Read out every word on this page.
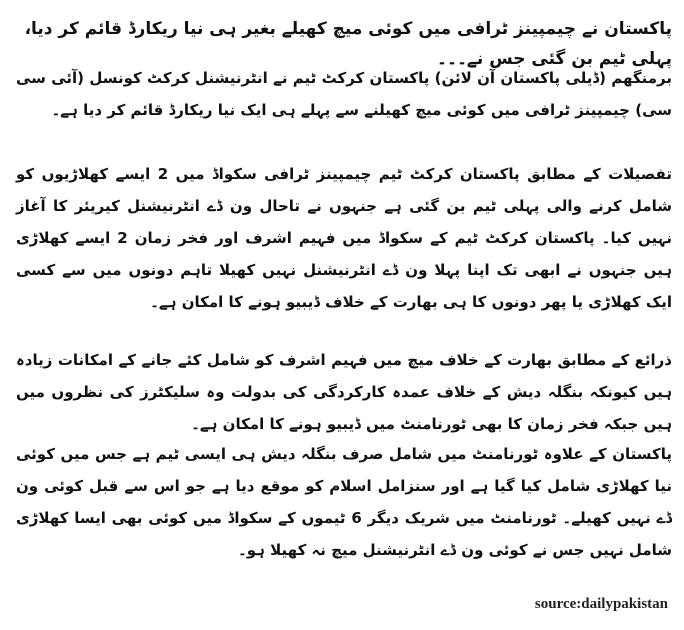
پاکستان نے چیمپینز ٹرافی میں کوئی میچ کھیلے بغیر ہی نیا ریکارڈ قائم کر دیا، پہلی ٹیم بن گئی جس نے۔۔۔

برمنگھم (ڈیلی پاکستان آن لائن) پاکستان کرکٹ ٹیم نے انٹرنیشنل کرکٹ کونسل (آئی سی سی) چیمپینز ٹرافی میں کوئی میچ کھیلنے سے پہلے ہی ایک نیا ریکارڈ قائم کر دیا ہے۔

تفصیلات کے مطابق پاکستان کرکٹ ٹیم چیمپینز ٹرافی سکواڈ میں 2 ایسے کھلاڑیوں کو شامل کرنے والی پہلی ٹیم بن گئی ہے جنہوں نے تاحال ون ڈے انٹرنیشنل کیریئر کا آغاز نہیں کیا۔ پاکستان کرکٹ ٹیم کے سکواڈ میں فہیم اشرف اور فخر زمان 2 ایسے کھلاڑی ہیں جنہوں نے ابھی تک اپنا پہلا ون ڈے انٹرنیشنل نہیں کھیلا تاہم دونوں میں سے کسی ایک کھلاڑی یا پھر دونوں کا ہی بھارت کے خلاف ڈیبیو ہونے کا امکان ہے۔

ذرائع کے مطابق بھارت کے خلاف میچ میں فہیم اشرف کو شامل کئے جانے کے امکانات زیادہ ہیں کیونکہ بنگلہ دیش کے خلاف عمدہ کارکردگی کی بدولت وہ سلیکٹرز کی نظروں میں ہیں جبکہ فخر زمان کا بھی ٹورنامنٹ میں ڈیبیو ہونے کا امکان ہے۔

پاکستان کے علاوہ ٹورنامنٹ میں شامل صرف بنگلہ دیش ہی ایسی ٹیم ہے جس میں کوئی نیا کھلاڑی شامل کیا گیا ہے اور سنزامل اسلام کو موقع دیا ہے جو اس سے قبل کوئی ون ڈے نہیں کھیلے۔ ٹورنامنٹ میں شریک دیگر 6 ٹیموں کے سکواڈ میں کوئی بھی ایسا کھلاڑی شامل نہیں جس نے کوئی ون ڈے انٹرنیشنل میچ نہ کھیلا ہو۔

source:dailypakistan
